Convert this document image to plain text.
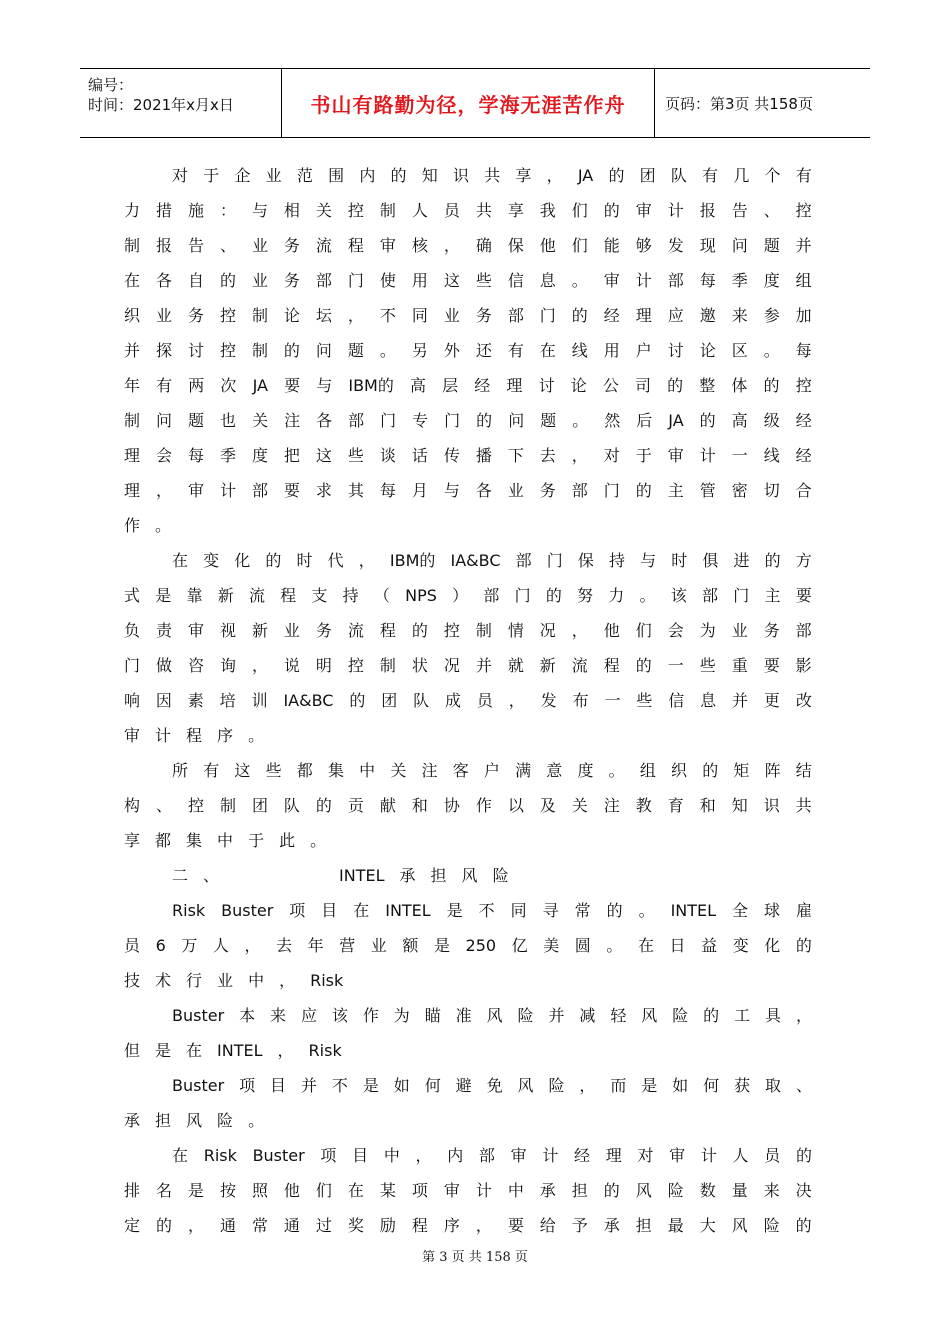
编号：
时间：2021年x月x日	书山有路勤为径，学海无涯苦作舟	页码：第3页 共158页
对 于 企 业 范 围 内 的 知 识 共 享 ， JA 的 团 队 有 几 个 有
力 措 施 ： 与 相 关 控 制 人 员 共 享 我 们 的 审 计 报 告 、 控
制 报 告 、 业 务 流 程 审 核 ， 确 保 他 们 能 够 发 现 问 题 并
在 各 自 的 业 务 部 门 使 用 这 些 信 息 。 审 计 部 每 季 度 组
织 业 务 控 制 论 坛 ， 不 同 业 务 部 门 的 经 理 应 邀 来 参 加
并 探 讨 控 制 的 问 题 。 另 外 还 有 在 线 用 户 讨 论 区 。 每
年 有 两 次 JA 要 与 IBM的 高 层 经 理 讨 论 公 司 的 整 体 的 控
制 问 题 也 关 注 各 部 门 专 门 的 问 题 。 然 后 JA 的 高 级 经
理 会 每 季 度 把 这 些 谈 话 传 播 下 去 ， 对 于 审 计 一 线 经
理 ， 审 计 部 要 求 其 每 月 与 各 业 务 部 门 的 主 管 密 切 合
作 。
在 变 化 的 时 代 ， IBM的 IA&BC 部 门 保 持 与 时 俱 进 的 方
式 是 靠 新 流 程 支 持 （ NPS ） 部 门 的 努 力 。 该 部 门 主 要
负 责 审 视 新 业 务 流 程 的 控 制 情 况 ， 他 们 会 为 业 务 部
门 做 咨 询 ， 说 明 控 制 状 况 并 就 新 流 程 的 一 些 重 要 影
响 因 素 培 训 IA&BC 的 团 队 成 员 ， 发 布 一 些 信 息 并 更 改
审 计 程 序 。
所 有 这 些 都 集 中 关 注 客 户 满 意 度 。 组 织 的 矩 阵 结
构 、 控 制 团 队 的 贡 献 和 协 作 以 及 关 注 教 育 和 知 识 共
享 都 集 中 于 此 。
二 、	INTEL 承 担 风 险
Risk Buster 项 目 在 INTEL 是 不 同 寻 常 的 。 INTEL 全 球 雇
员 6 万 人 ， 去 年 营 业 额 是 250 亿 美 圆 。 在 日 益 变 化 的
技 术 行 业 中 ， Risk
Buster 本 来 应 该 作 为 瞄 准 风 险 并 减 轻 风 险 的 工 具 ，
但 是 在 INTEL ， Risk
Buster 项 目 并 不 是 如 何 避 免 风 险 ， 而 是 如 何 获 取 、
承 担 风 险 。
在 Risk Buster 项 目 中 ， 内 部 审 计 经 理 对 审 计 人 员 的
排 名 是 按 照 他 们 在 某 项 审 计 中 承 担 的 风 险 数 量 来 决
定 的 ， 通 常 通 过 奖 励 程 序 ， 要 给 予 承 担 最 大 风 险 的
第 3 页 共 158 页
